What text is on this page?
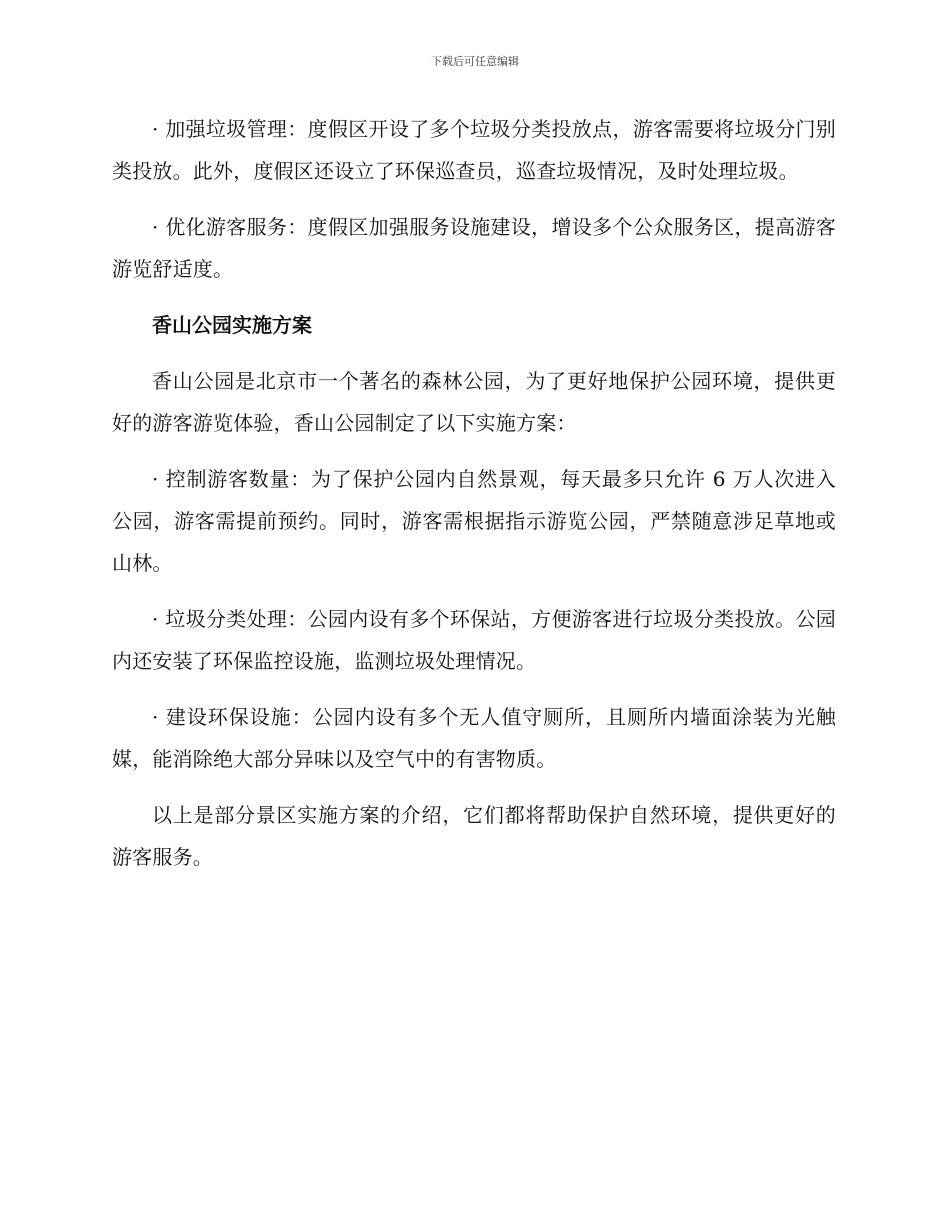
下载后可任意编辑

· 加强垃圾管理：度假区开设了多个垃圾分类投放点，游客需要将垃圾分门别类投放。此外，度假区还设立了环保巡查员，巡查垃圾情况，及时处理垃圾。

· 优化游客服务：度假区加强服务设施建设，增设多个公众服务区，提高游客游览舒适度。

香山公园实施方案

香山公园是北京市一个著名的森林公园，为了更好地保护公园环境，提供更好的游客游览体验，香山公园制定了以下实施方案：

· 控制游客数量：为了保护公园内自然景观，每天最多只允许 6 万人次进入公园，游客需提前预约。同时，游客需根据指示游览公园，严禁随意涉足草地或山林。

· 垃圾分类处理：公园内设有多个环保站，方便游客进行垃圾分类投放。公园内还安装了环保监控设施，监测垃圾处理情况。

· 建设环保设施：公园内设有多个无人值守厕所，且厕所内墙面涂装为光触媒，能消除绝大部分异味以及空气中的有害物质。

以上是部分景区实施方案的介绍，它们都将帮助保护自然环境，提供更好的游客服务。
